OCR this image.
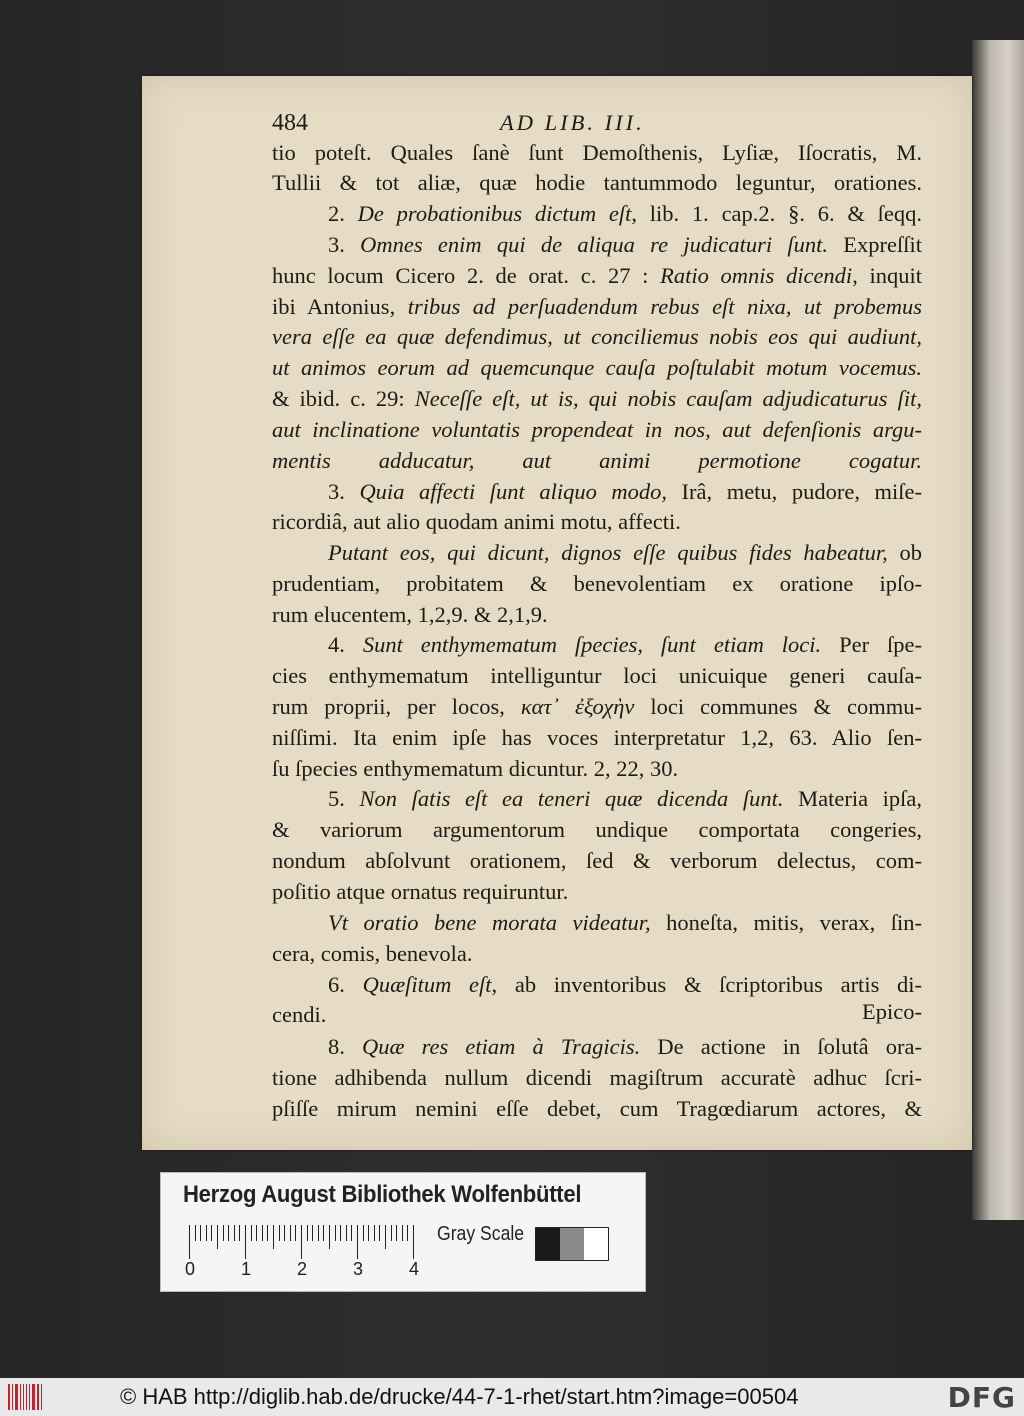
484	AD LIB. III.
Epico-
tio poteſt. Quales ſanè ſunt Demoſthenis, Lyſiæ, Iſocratis, M.
Tullii & tot aliæ, quæ hodie tantummodo leguntur, orationes.
2. De probationibus dictum eſt, lib. 1. cap.2. §. 6. & ſeqq.
3. Omnes enim qui de aliqua re judicaturi ſunt. Expreſſit
hunc locum Cicero 2. de orat. c. 27 : Ratio omnis dicendi, inquit
ibi Antonius, tribus ad perſuadendum rebus eſt nixa, ut probemus
vera eſſe ea quæ defendimus, ut conciliemus nobis eos qui audiunt,
ut animos eorum ad quemcunque cauſa poſtulabit motum vocemus.
& ibid. c. 29: Neceſſe eſt, ut is, qui nobis cauſam adjudicaturus ſit,
aut inclinatione voluntatis propendeat in nos, aut defenſionis argu-
mentis adducatur, aut animi permotione cogatur.
3. Quia affecti ſunt aliquo modo, Irâ, metu, pudore, miſe-
ricordiâ, aut alio quodam animi motu, affecti.
Putant eos, qui dicunt, dignos eſſe quibus fides habeatur, ob
prudentiam, probitatem & benevolentiam ex oratione ipſo-
rum elucentem, 1,2,9. & 2,1,9.
4. Sunt enthymematum ſpecies, ſunt etiam loci. Per ſpe-
cies enthymematum intelliguntur loci unicuique generi cauſa-
rum proprii, per locos, κατ᾽ ἐξοχὴν loci communes & commu-
niſſimi. Ita enim ipſe has voces interpretatur 1,2, 63. Alio ſen-
ſu ſpecies enthymematum dicuntur. 2, 22, 30.
5. Non ſatis eſt ea teneri quæ dicenda ſunt. Materia ipſa,
& variorum argumentorum undique comportata congeries,
nondum abſolvunt orationem, ſed & verborum delectus, com-
poſitio atque ornatus requiruntur.
Vt oratio bene morata videatur, honeſta, mitis, verax, ſin-
cera, comis, benevola.
6. Quæſitum eſt, ab inventoribus & ſcriptoribus artis di-
cendi.
8. Quæ res etiam à Tragicis. De actione in ſolutâ ora-
tione adhibenda nullum dicendi magiſtrum accuratè adhuc ſcri-
pſiſſe mirum nemini eſſe debet, cum Tragœdiarum actores, &
Herzog August Bibliothek Wolfenbüttel
Gray Scale
0	1	2	3	4
© HAB http://diglib.hab.de/drucke/44-7-1-rhet/start.htm?image=00504	DFG
